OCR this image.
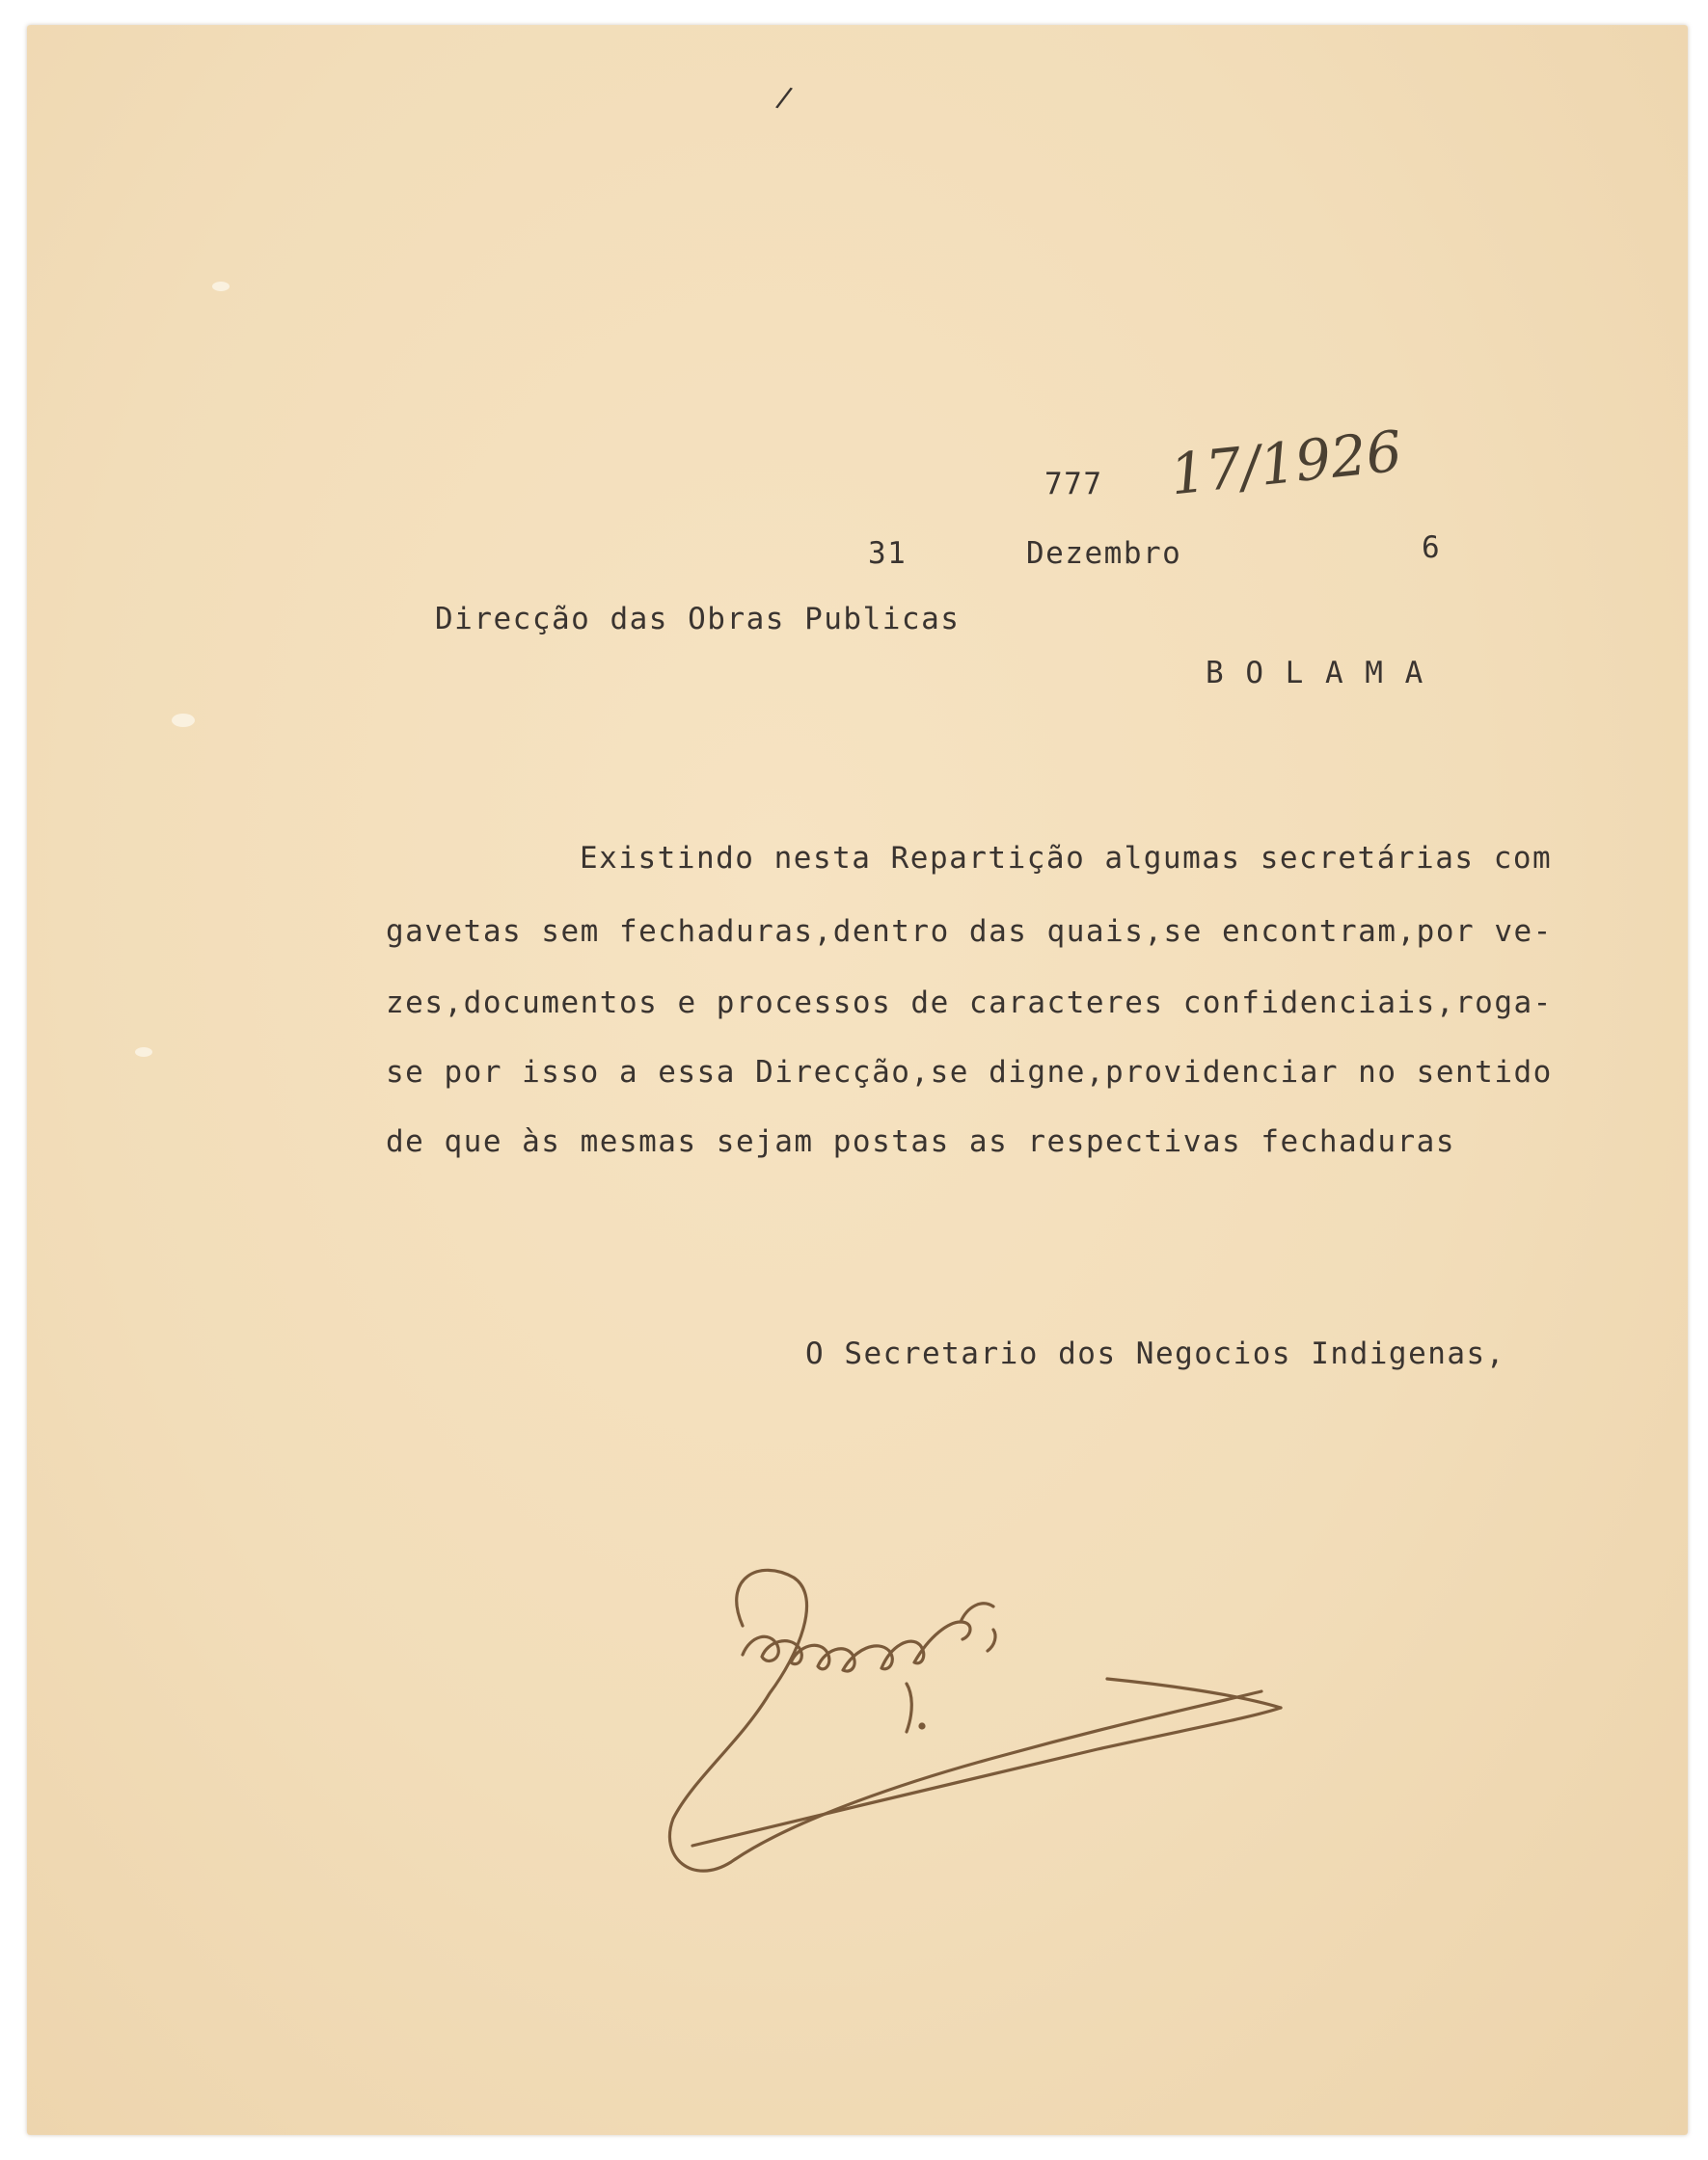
/
777 17/1926
31	Dezembro	6
Direcção das Obras Publicas
B O L A M A
Existindo nesta Repartição algumas secretárias com
gavetas sem fechaduras,dentro das quais,se encontram,por ve-
zes,documentos e processos de caracteres confidenciais,roga-
se por isso a essa Direcção,se digne,providenciar no sentido
de que às mesmas sejam postas as respectivas fechaduras
O Secretario dos Negocios Indigenas,
